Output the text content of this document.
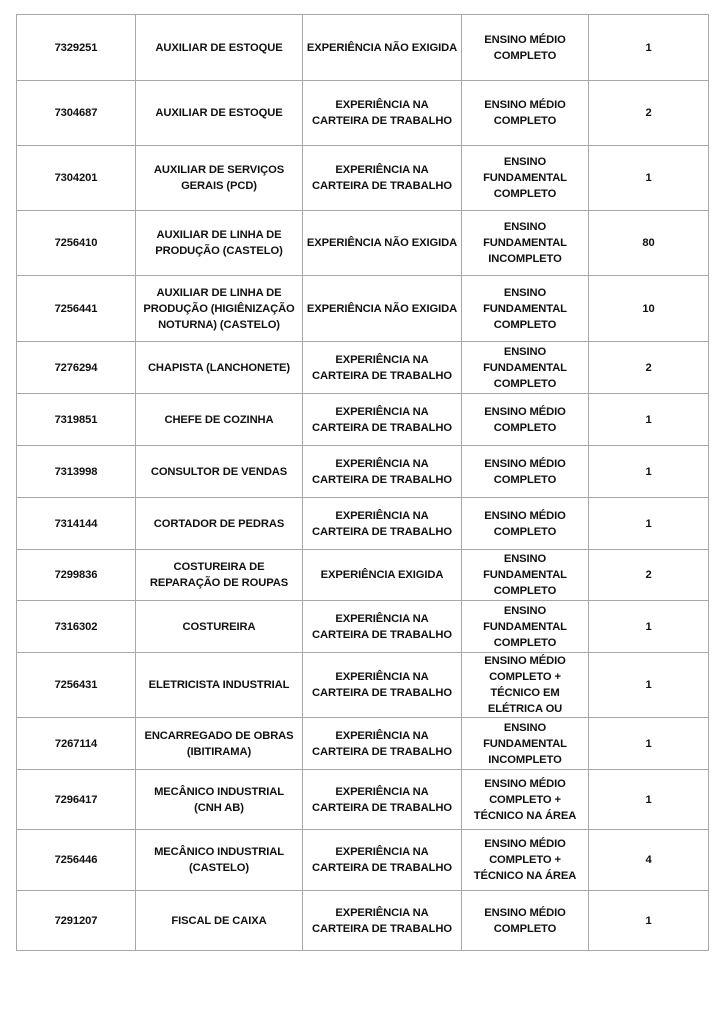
7329251	AUXILIAR DE ESTOQUE	EXPERIÊNCIA NÃO EXIGIDA	ENSINO MÉDIO COMPLETO	1
7304687	AUXILIAR DE ESTOQUE	EXPERIÊNCIA NA CARTEIRA DE TRABALHO	ENSINO MÉDIO COMPLETO	2
7304201	AUXILIAR DE SERVIÇOS GERAIS (PCD)	EXPERIÊNCIA NA CARTEIRA DE TRABALHO	ENSINO FUNDAMENTAL COMPLETO	1
7256410	AUXILIAR DE LINHA DE PRODUÇÃO (CASTELO)	EXPERIÊNCIA NÃO EXIGIDA	ENSINO FUNDAMENTAL INCOMPLETO	80
7256441	AUXILIAR DE LINHA DE PRODUÇÃO (HIGIÊNIZAÇÃO NOTURNA) (CASTELO)	EXPERIÊNCIA NÃO EXIGIDA	ENSINO FUNDAMENTAL COMPLETO	10
7276294	CHAPISTA (LANCHONETE)	EXPERIÊNCIA NA CARTEIRA DE TRABALHO	ENSINO FUNDAMENTAL COMPLETO	2
7319851	CHEFE DE COZINHA	EXPERIÊNCIA NA CARTEIRA DE TRABALHO	ENSINO MÉDIO COMPLETO	1
7313998	CONSULTOR DE VENDAS	EXPERIÊNCIA NA CARTEIRA DE TRABALHO	ENSINO MÉDIO COMPLETO	1
7314144	CORTADOR DE PEDRAS	EXPERIÊNCIA NA CARTEIRA DE TRABALHO	ENSINO MÉDIO COMPLETO	1
7299836	COSTUREIRA DE REPARAÇÃO DE ROUPAS	EXPERIÊNCIA EXIGIDA	ENSINO FUNDAMENTAL COMPLETO	2
7316302	COSTUREIRA	EXPERIÊNCIA NA CARTEIRA DE TRABALHO	ENSINO FUNDAMENTAL COMPLETO	1
7256431	ELETRICISTA INDUSTRIAL	EXPERIÊNCIA NA CARTEIRA DE TRABALHO	ENSINO MÉDIO COMPLETO + TÉCNICO EM ELÉTRICA OU	1
7267114	ENCARREGADO DE OBRAS (IBITIRAMA)	EXPERIÊNCIA NA CARTEIRA DE TRABALHO	ENSINO FUNDAMENTAL INCOMPLETO	1
7296417	MECÂNICO INDUSTRIAL (CNH AB)	EXPERIÊNCIA NA CARTEIRA DE TRABALHO	ENSINO MÉDIO COMPLETO + TÉCNICO NA ÁREA	1
7256446	MECÂNICO INDUSTRIAL (CASTELO)	EXPERIÊNCIA NA CARTEIRA DE TRABALHO	ENSINO MÉDIO COMPLETO + TÉCNICO NA ÁREA	4
7291207	FISCAL DE CAIXA	EXPERIÊNCIA NA CARTEIRA DE TRABALHO	ENSINO MÉDIO COMPLETO	1
